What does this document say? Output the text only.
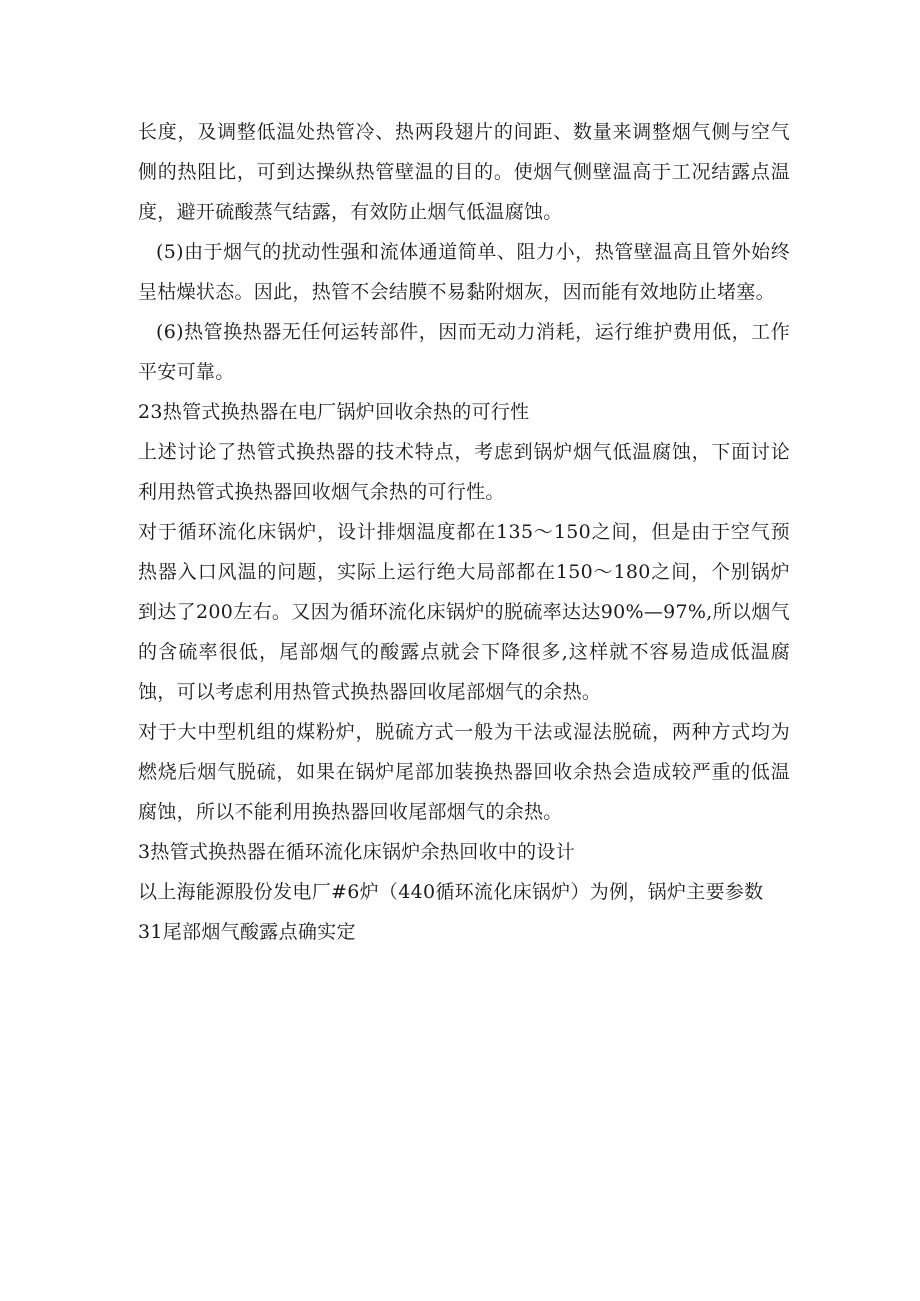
长度，及调整低温处热管冷、热两段翅片的间距、数量来调整烟气侧与空气侧的热阻比，可到达操纵热管壁温的目的。使烟气侧壁温高于工况结露点温度，避开硫酸蒸气结露，有效防止烟气低温腐蚀。

(5)由于烟气的扰动性强和流体通道简单、阻力小，热管壁温高且管外始终呈枯燥状态。因此，热管不会结膜不易黏附烟灰，因而能有效地防止堵塞。

(6)热管换热器无任何运转部件，因而无动力消耗，运行维护费用低，工作平安可靠。

23热管式换热器在电厂锅炉回收余热的可行性

上述讨论了热管式换热器的技术特点，考虑到锅炉烟气低温腐蚀，下面讨论利用热管式换热器回收烟气余热的可行性。

对于循环流化床锅炉，设计排烟温度都在135～150之间，但是由于空气预热器入口风温的问题，实际上运行绝大局部都在150～180之间，个别锅炉到达了200左右。又因为循环流化床锅炉的脱硫率达达90%—97%,所以烟气的含硫率很低，尾部烟气的酸露点就会下降很多,这样就不容易造成低温腐蚀，可以考虑利用热管式换热器回收尾部烟气的余热。

对于大中型机组的煤粉炉，脱硫方式一般为干法或湿法脱硫，两种方式均为燃烧后烟气脱硫，如果在锅炉尾部加装换热器回收余热会造成较严重的低温腐蚀，所以不能利用换热器回收尾部烟气的余热。

3热管式换热器在循环流化床锅炉余热回收中的设计

以上海能源股份发电厂#6炉（440循环流化床锅炉）为例，锅炉主要参数

31尾部烟气酸露点确实定
